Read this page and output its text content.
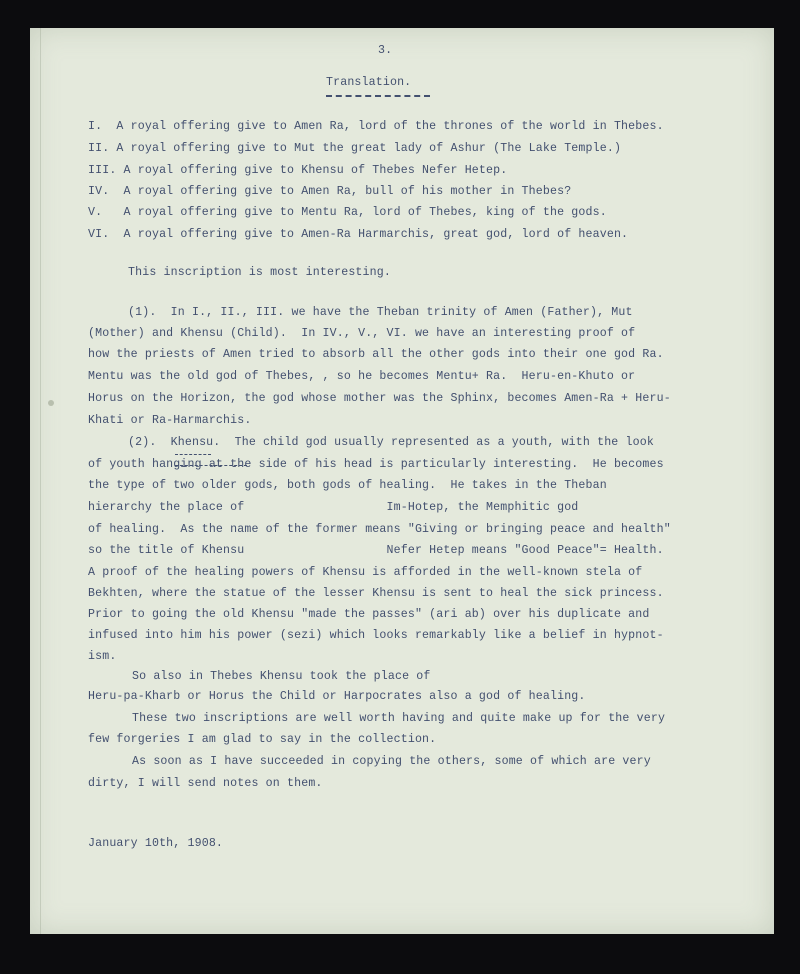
3.
Translation.
I.  A royal offering give to Amen Ra, lord of the thrones of the world in Thebes.
II. A royal offering give to Mut the great lady of Ashur (The Lake Temple.)
III. A royal offering give to Khensu of Thebes Nefer Hetep.
IV.  A royal offering give to Amen Ra, bull of his mother in Thebes?
V.   A royal offering give to Mentu Ra, lord of Thebes, king of the gods.
VI.  A royal offering give to Amen-Ra Harmarchis, great god, lord of heaven.
This inscription is most interesting.
(1).  In I., II., III. we have the Theban trinity of Amen (Father), Mut
(Mother) and Khensu (Child).  In IV., V., VI. we have an interesting proof of
how the priests of Amen tried to absorb all the other gods into their one god Ra.
Mentu was the old god of Thebes, , so he becomes Mentu+ Ra.  Heru-en-Khuto or
Horus on the Horizon, the god whose mother was the Sphinx, becomes Amen-Ra + Heru-
Khati or Ra-Harmarchis.
(2).  Khensu.  The child god usually represented as a youth, with the look
of youth hanging at the side of his head is particularly interesting.  He becomes
the type of two older gods, both gods of healing.  He takes in the Theban
hierarchy the place of                    Im-Hotep, the Memphitic god
of healing.  As the name of the former means "Giving or bringing peace and health"
so the title of Khensu                    Nefer Hetep means "Good Peace"= Health.
A proof of the healing powers of Khensu is afforded in the well-known stela of
Bekhten, where the statue of the lesser Khensu is sent to heal the sick princess.
Prior to going the old Khensu "made the passes" (ari ab) over his duplicate and
infused into him his power (sezi) which looks remarkably like a belief in hypnot-
ism.
So also in Thebes Khensu took the place of
Heru-pa-Kharb or Horus the Child or Harpocrates also a god of healing.
These two inscriptions are well worth having and quite make up for the very
few forgeries I am glad to say in the collection.
As soon as I have succeeded in copying the others, some of which are very
dirty, I will send notes on them.
January 10th, 1908.
